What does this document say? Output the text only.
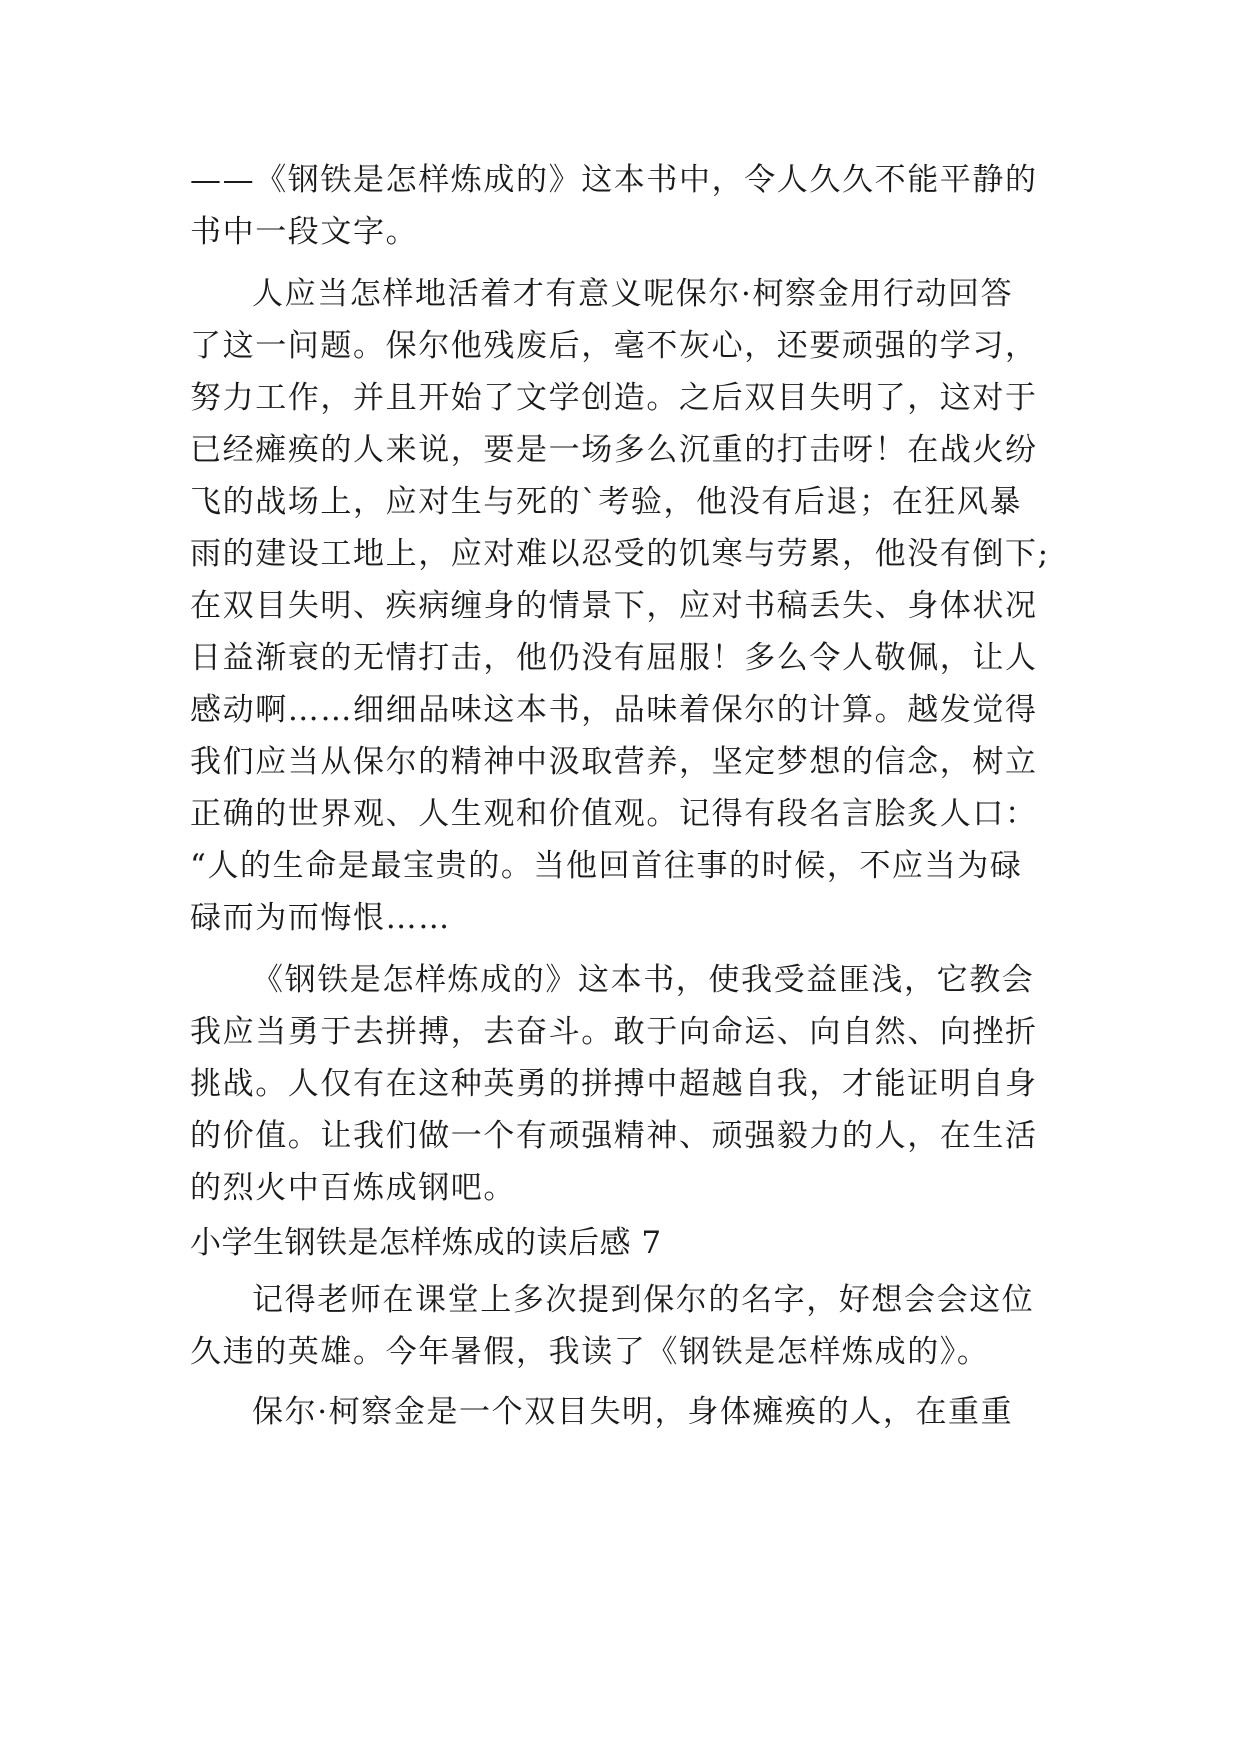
——《钢铁是怎样炼成的》这本书中，令人久久不能平静的
书中一段文字。
人应当怎样地活着才有意义呢保尔·柯察金用行动回答
了这一问题。保尔他残废后，毫不灰心，还要顽强的学习，
努力工作，并且开始了文学创造。之后双目失明了，这对于
已经瘫痪的人来说，要是一场多么沉重的打击呀！在战火纷
飞的战场上，应对生与死的`考验，他没有后退；在狂风暴
雨的建设工地上，应对难以忍受的饥寒与劳累，他没有倒下;
在双目失明、疾病缠身的情景下，应对书稿丢失、身体状况
日益渐衰的无情打击，他仍没有屈服！多么令人敬佩，让人
感动啊……细细品味这本书，品味着保尔的计算。越发觉得
我们应当从保尔的精神中汲取营养，坚定梦想的信念，树立
正确的世界观、人生观和价值观。记得有段名言脍炙人口：
“人的生命是最宝贵的。当他回首往事的时候，不应当为碌
碌而为而悔恨……
《钢铁是怎样炼成的》这本书，使我受益匪浅，它教会
我应当勇于去拼搏，去奋斗。敢于向命运、向自然、向挫折
挑战。人仅有在这种英勇的拼搏中超越自我，才能证明自身
的价值。让我们做一个有顽强精神、顽强毅力的人，在生活
的烈火中百炼成钢吧。
小学生钢铁是怎样炼成的读后感 7
记得老师在课堂上多次提到保尔的名字，好想会会这位
久违的英雄。今年暑假，我读了《钢铁是怎样炼成的》。
保尔·柯察金是一个双目失明，身体瘫痪的人，在重重
